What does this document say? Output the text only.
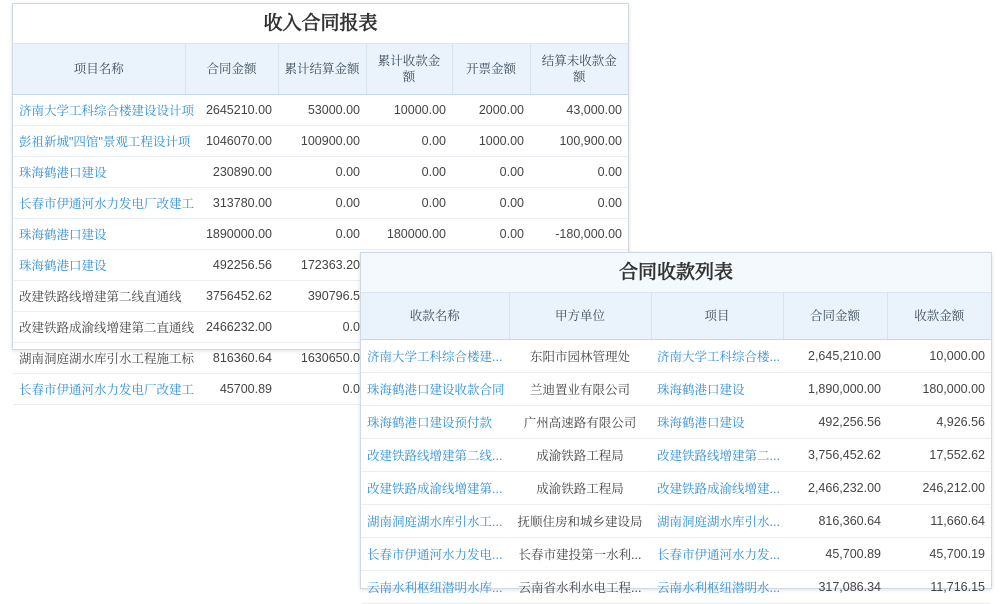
收入合同报表
项目名称	合同金额	累计结算金额	累计收款金额	开票金额	结算未收款金额
济南大学工科综合楼建设设计项	2645210.00	53000.00	10000.00	2000.00	43,000.00
彭祖新城"四馆"景观工程设计项	1046070.00	100900.00	0.00	1000.00	100,900.00
珠海鹤港口建设	230890.00	0.00	0.00	0.00	0.00
长春市伊通河水力发电厂改建工	313780.00	0.00	0.00	0.00	0.00
珠海鹤港口建设	1890000.00	0.00	180000.00	0.00	-180,000.00
珠海鹤港口建设	492256.56	172363.20			
改建铁路线增建第二线直通线	3756452.62	390796.5			
改建铁路成渝线增建第二直通线	2466232.00	0.0			
湖南洞庭湖水库引水工程施工标	816360.64	1630650.0			
长春市伊通河水力发电厂改建工	45700.89	0.0			
合同收款列表
收款名称	甲方单位	项目	合同金额	收款金额
济南大学工科综合楼建...	东阳市园林管理处	济南大学工科综合楼...	2,645,210.00	10,000.00
珠海鹤港口建设收款合同	兰迪置业有限公司	珠海鹤港口建设	1,890,000.00	180,000.00
珠海鹤港口建设预付款	广州高速路有限公司	珠海鹤港口建设	492,256.56	4,926.56
改建铁路线增建第二线...	成渝铁路工程局	改建铁路线增建第二...	3,756,452.62	17,552.62
改建铁路成渝线增建第...	成渝铁路工程局	改建铁路成渝线增建...	2,466,232.00	246,212.00
湖南洞庭湖水库引水工...	抚顺住房和城乡建设局	湖南洞庭湖水库引水...	816,360.64	11,660.64
长春市伊通河水力发电...	长春市建投第一水利...	长春市伊通河水力发...	45,700.89	45,700.19
云南水利枢纽潜明水库...	云南省水利水电工程...	云南水利枢纽潜明水...	317,086.34	11,716.15
